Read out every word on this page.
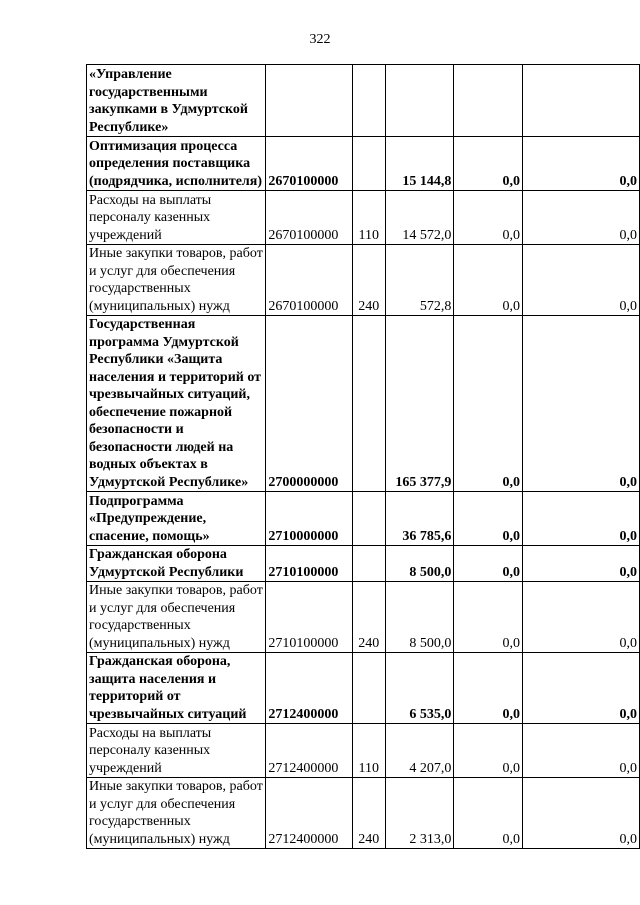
322
«Управление государственными закупками в Удмуртской Республике»					
Оптимизация процесса определения поставщика (подрядчика, исполнителя)	2670100000		15 144,8	0,0	0,0
Расходы на выплаты персоналу казенных учреждений	2670100000	110	14 572,0	0,0	0,0
Иные закупки товаров, работ и услуг для обеспечения государственных (муниципальных) нужд	2670100000	240	572,8	0,0	0,0
Государственная программа Удмуртской Республики «Защита населения и территорий от чрезвычайных ситуаций, обеспечение пожарной безопасности и безопасности людей на водных объектах в Удмуртской Республике»	2700000000		165 377,9	0,0	0,0
Подпрограмма «Предупреждение, спасение, помощь»	2710000000		36 785,6	0,0	0,0
Гражданская оборона Удмуртской Республики	2710100000		8 500,0	0,0	0,0
Иные закупки товаров, работ и услуг для обеспечения государственных (муниципальных) нужд	2710100000	240	8 500,0	0,0	0,0
Гражданская оборона, защита населения и территорий от чрезвычайных ситуаций	2712400000		6 535,0	0,0	0,0
Расходы на выплаты персоналу казенных учреждений	2712400000	110	4 207,0	0,0	0,0
Иные закупки товаров, работ и услуг для обеспечения государственных (муниципальных) нужд	2712400000	240	2 313,0	0,0	0,0
